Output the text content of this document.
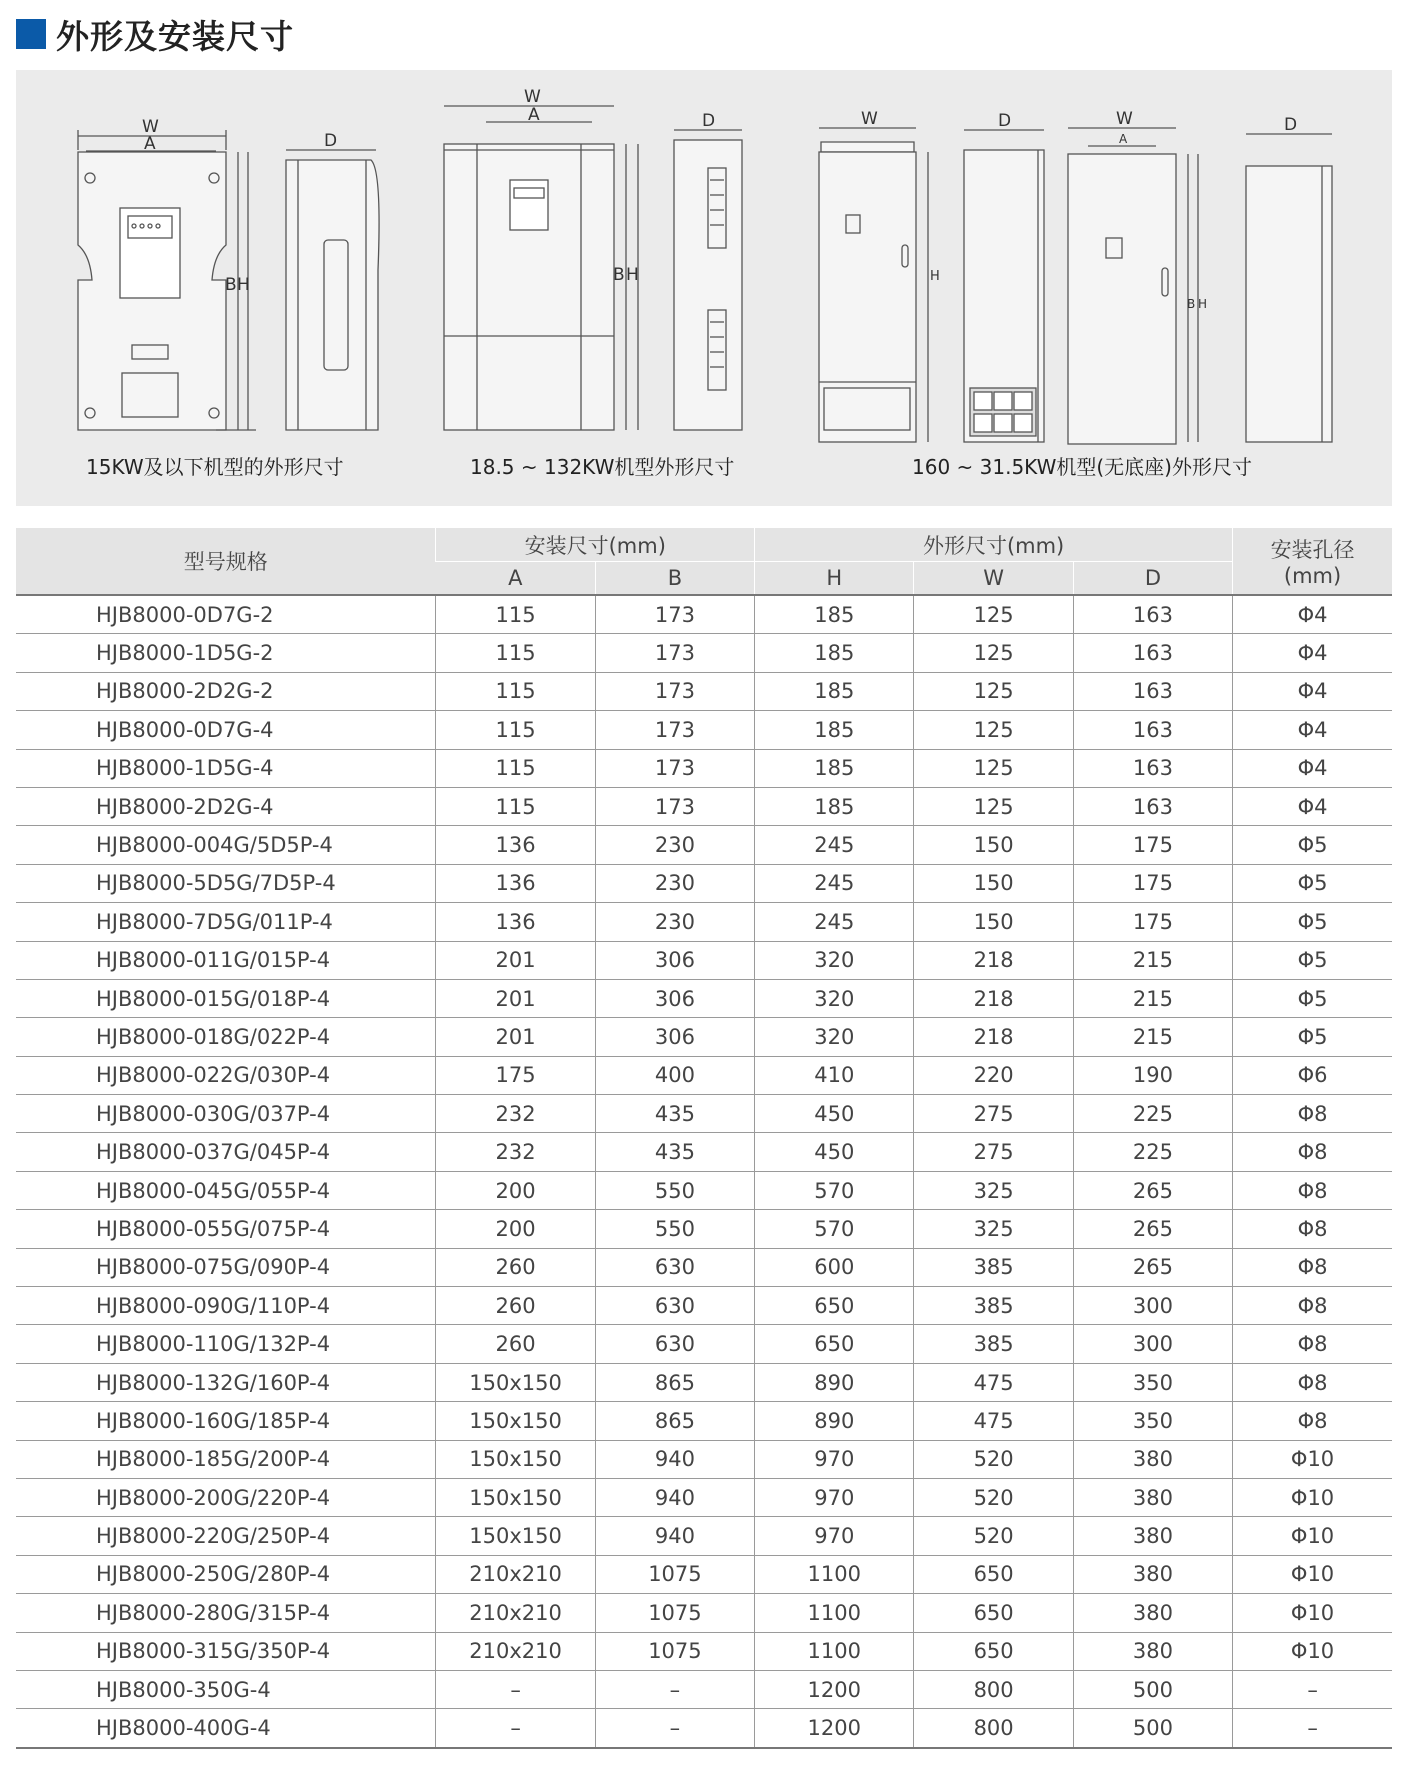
外形及安装尺寸
W
A
B H
D
W
A
B H
D	W
H
D	W
A
B H
D
15KW及以下机型的外形尺寸	18.5 ~ 132KW机型外形尺寸	160 ~ 31.5KW机型(无底座)外形尺寸
型号规格	安装尺寸(mm)		外形尺寸(mm)			安装孔径
(mm)

	A	B	H	W	D	
HJB8000-0D7G-2	115	173	185	125	163	Φ4
HJB8000-1D5G-2	115	173	185	125	163	Φ4
HJB8000-2D2G-2	115	173	185	125	163	Φ4
HJB8000-0D7G-4	115	173	185	125	163	Φ4
HJB8000-1D5G-4	115	173	185	125	163	Φ4
HJB8000-2D2G-4	115	173	185	125	163	Φ4
HJB8000-004G/5D5P-4	136	230	245	150	175	Φ5
HJB8000-5D5G/7D5P-4	136	230	245	150	175	Φ5
HJB8000-7D5G/011P-4	136	230	245	150	175	Φ5
HJB8000-011G/015P-4	201	306	320	218	215	Φ5
HJB8000-015G/018P-4	201	306	320	218	215	Φ5
HJB8000-018G/022P-4	201	306	320	218	215	Φ5
HJB8000-022G/030P-4	175	400	410	220	190	Φ6
HJB8000-030G/037P-4	232	435	450	275	225	Φ8
HJB8000-037G/045P-4	232	435	450	275	225	Φ8
HJB8000-045G/055P-4	200	550	570	325	265	Φ8
HJB8000-055G/075P-4	200	550	570	325	265	Φ8
HJB8000-075G/090P-4	260	630	600	385	265	Φ8
HJB8000-090G/110P-4	260	630	650	385	300	Φ8
HJB8000-110G/132P-4	260	630	650	385	300	Φ8
HJB8000-132G/160P-4	150x150	865	890	475	350	Φ8
HJB8000-160G/185P-4	150x150	865	890	475	350	Φ8
HJB8000-185G/200P-4	150x150	940	970	520	380	Φ10
HJB8000-200G/220P-4	150x150	940	970	520	380	Φ10
HJB8000-220G/250P-4	150x150	940	970	520	380	Φ10
HJB8000-250G/280P-4	210x210	1075	1100	650	380	Φ10
HJB8000-280G/315P-4	210x210	1075	1100	650	380	Φ10
HJB8000-315G/350P-4	210x210	1075	1100	650	380	Φ10
HJB8000-350G-4	–	–	1200	800	500	–
HJB8000-400G-4	–	–	1200	800	500	–
